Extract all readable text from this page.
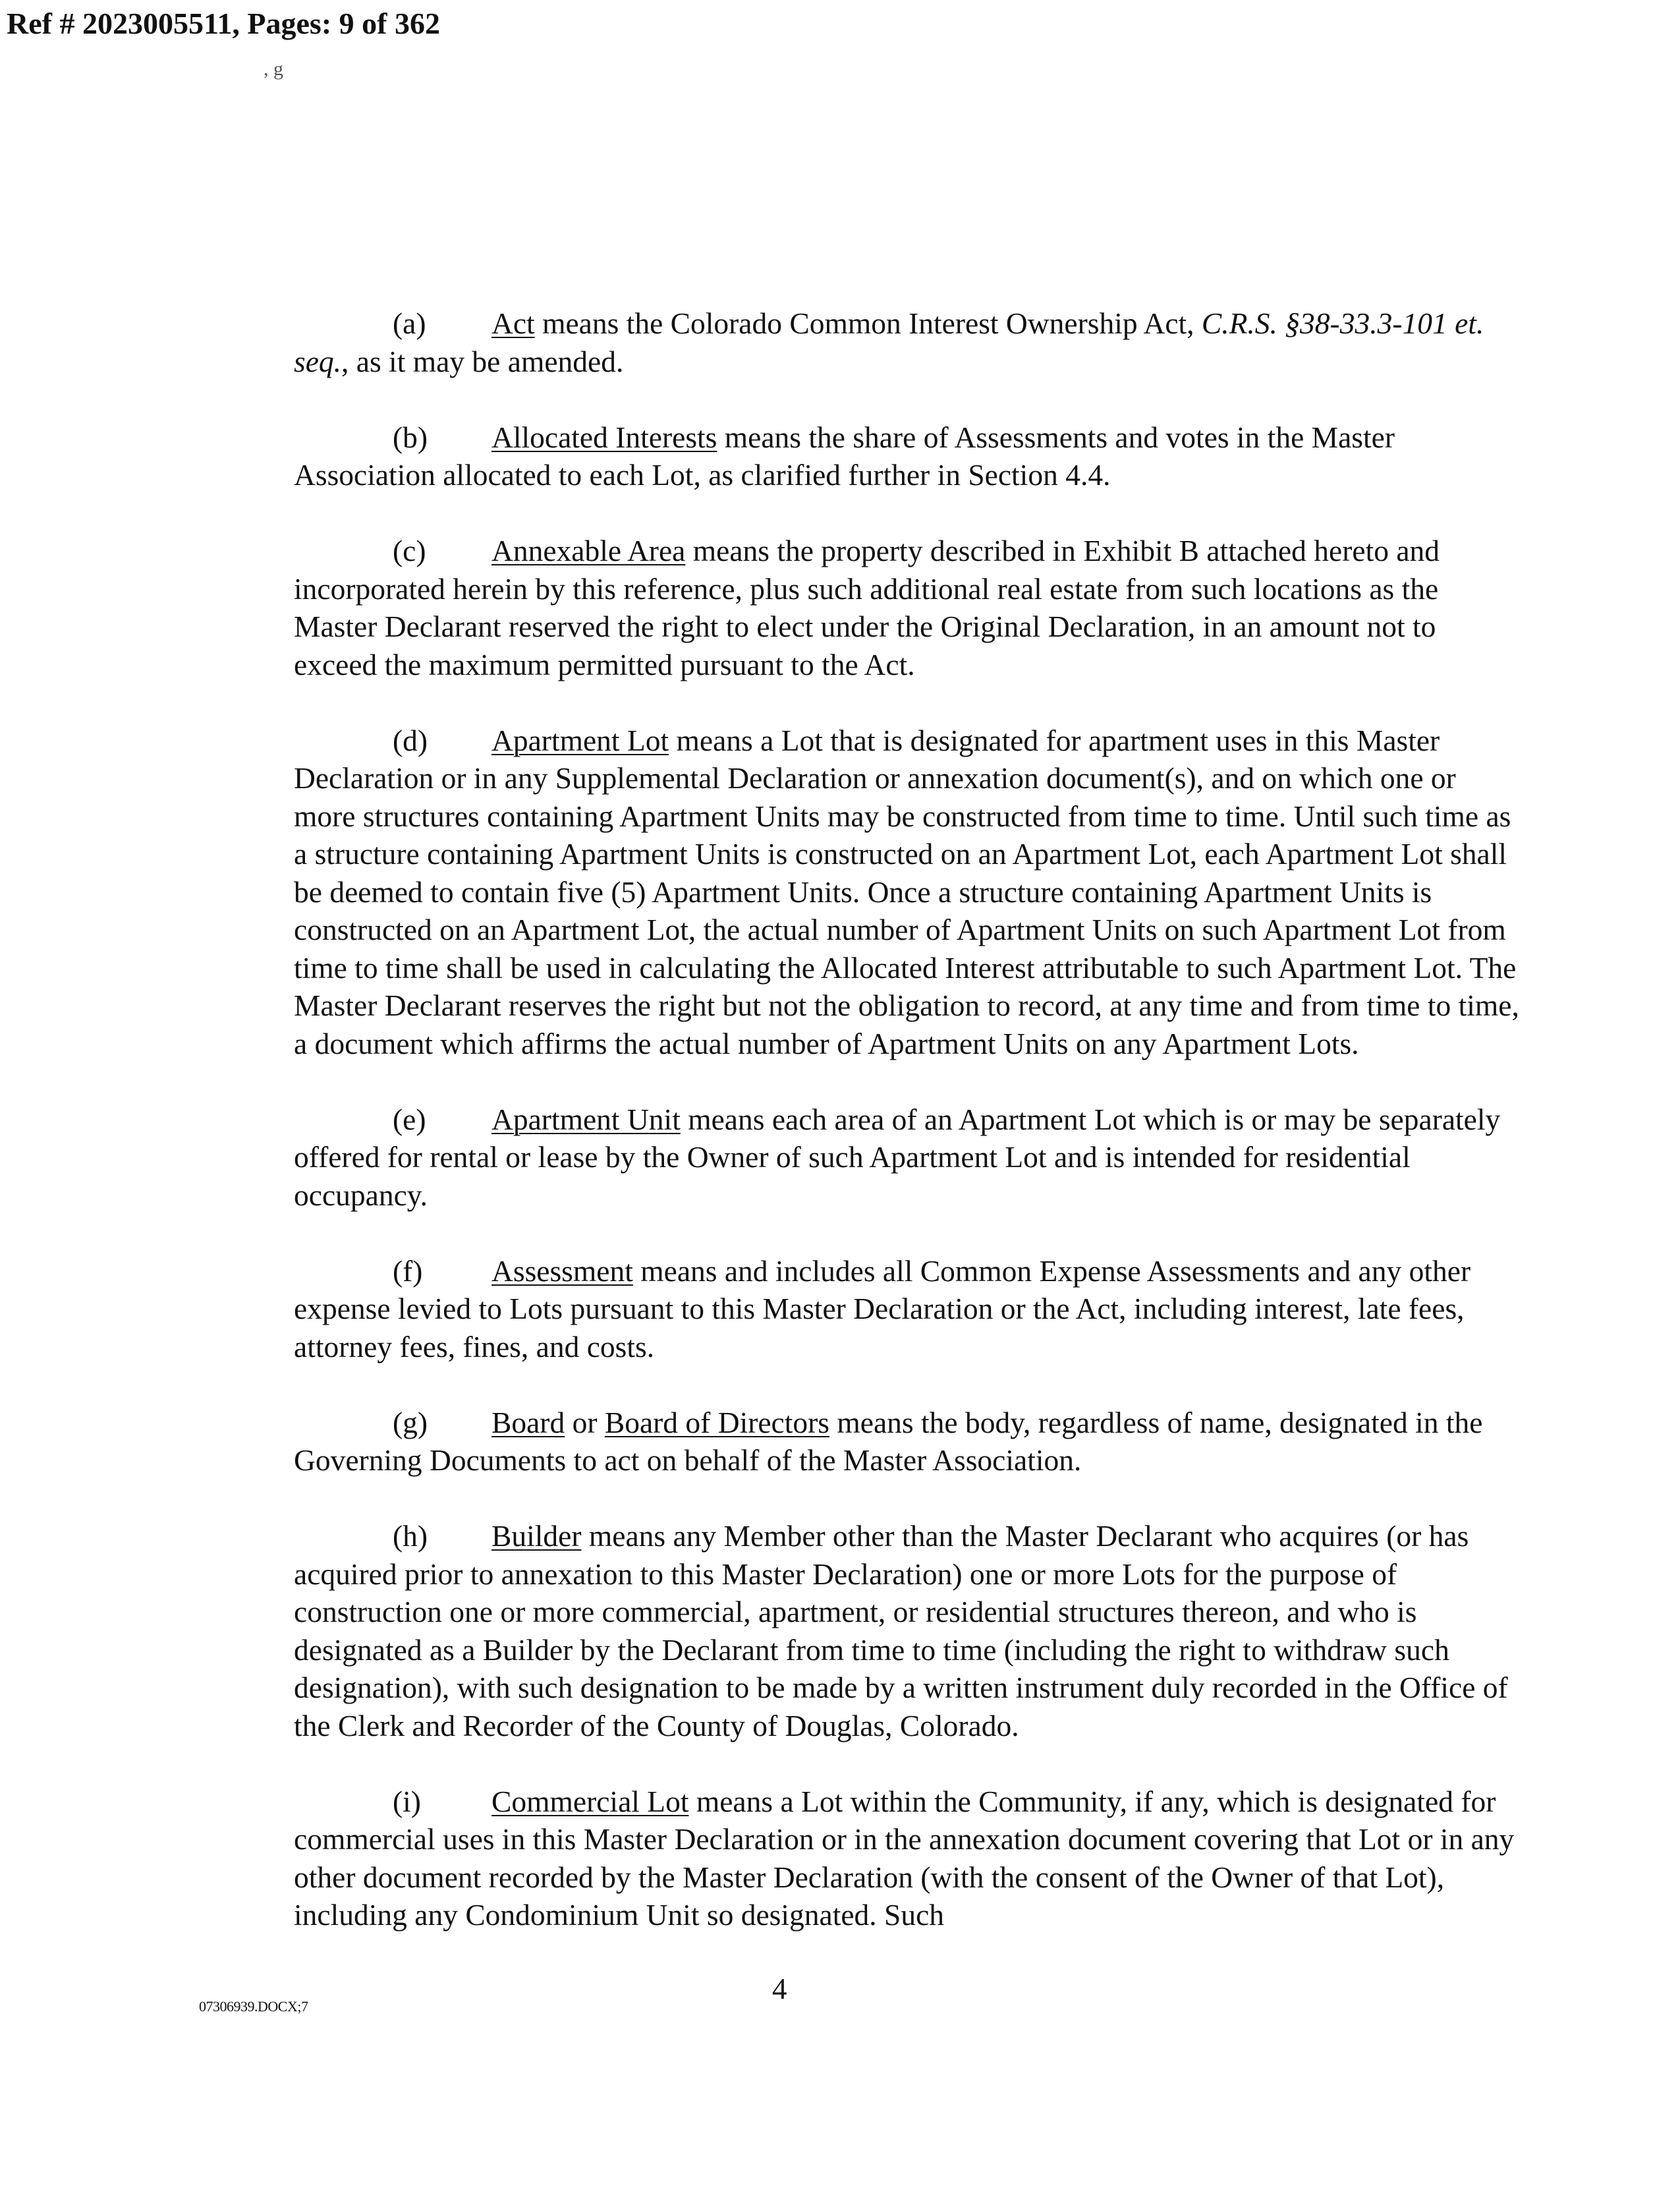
Ref # 2023005511, Pages: 9 of 362
, g

(a) Act means the Colorado Common Interest Ownership Act, C.R.S. §38-33.3-101 et. seq., as it may be amended.

(b) Allocated Interests means the share of Assessments and votes in the Master Association allocated to each Lot, as clarified further in Section 4.4.

(c) Annexable Area means the property described in Exhibit B attached hereto and incorporated herein by this reference, plus such additional real estate from such locations as the Master Declarant reserved the right to elect under the Original Declaration, in an amount not to exceed the maximum permitted pursuant to the Act.

(d) Apartment Lot means a Lot that is designated for apartment uses in this Master Declaration or in any Supplemental Declaration or annexation document(s), and on which one or more structures containing Apartment Units may be constructed from time to time. Until such time as a structure containing Apartment Units is constructed on an Apartment Lot, each Apartment Lot shall be deemed to contain five (5) Apartment Units. Once a structure containing Apartment Units is constructed on an Apartment Lot, the actual number of Apartment Units on such Apartment Lot from time to time shall be used in calculating the Allocated Interest attributable to such Apartment Lot. The Master Declarant reserves the right but not the obligation to record, at any time and from time to time, a document which affirms the actual number of Apartment Units on any Apartment Lots.

(e) Apartment Unit means each area of an Apartment Lot which is or may be separately offered for rental or lease by the Owner of such Apartment Lot and is intended for residential occupancy.

(f) Assessment means and includes all Common Expense Assessments and any other expense levied to Lots pursuant to this Master Declaration or the Act, including interest, late fees, attorney fees, fines, and costs.

(g) Board or Board of Directors means the body, regardless of name, designated in the Governing Documents to act on behalf of the Master Association.

(h) Builder means any Member other than the Master Declarant who acquires (or has acquired prior to annexation to this Master Declaration) one or more Lots for the purpose of construction one or more commercial, apartment, or residential structures thereon, and who is designated as a Builder by the Declarant from time to time (including the right to withdraw such designation), with such designation to be made by a written instrument duly recorded in the Office of the Clerk and Recorder of the County of Douglas, Colorado.

(i) Commercial Lot means a Lot within the Community, if any, which is designated for commercial uses in this Master Declaration or in the annexation document covering that Lot or in any other document recorded by the Master Declaration (with the consent of the Owner of that Lot), including any Condominium Unit so designated. Such

07306939.DOCX;7
4
